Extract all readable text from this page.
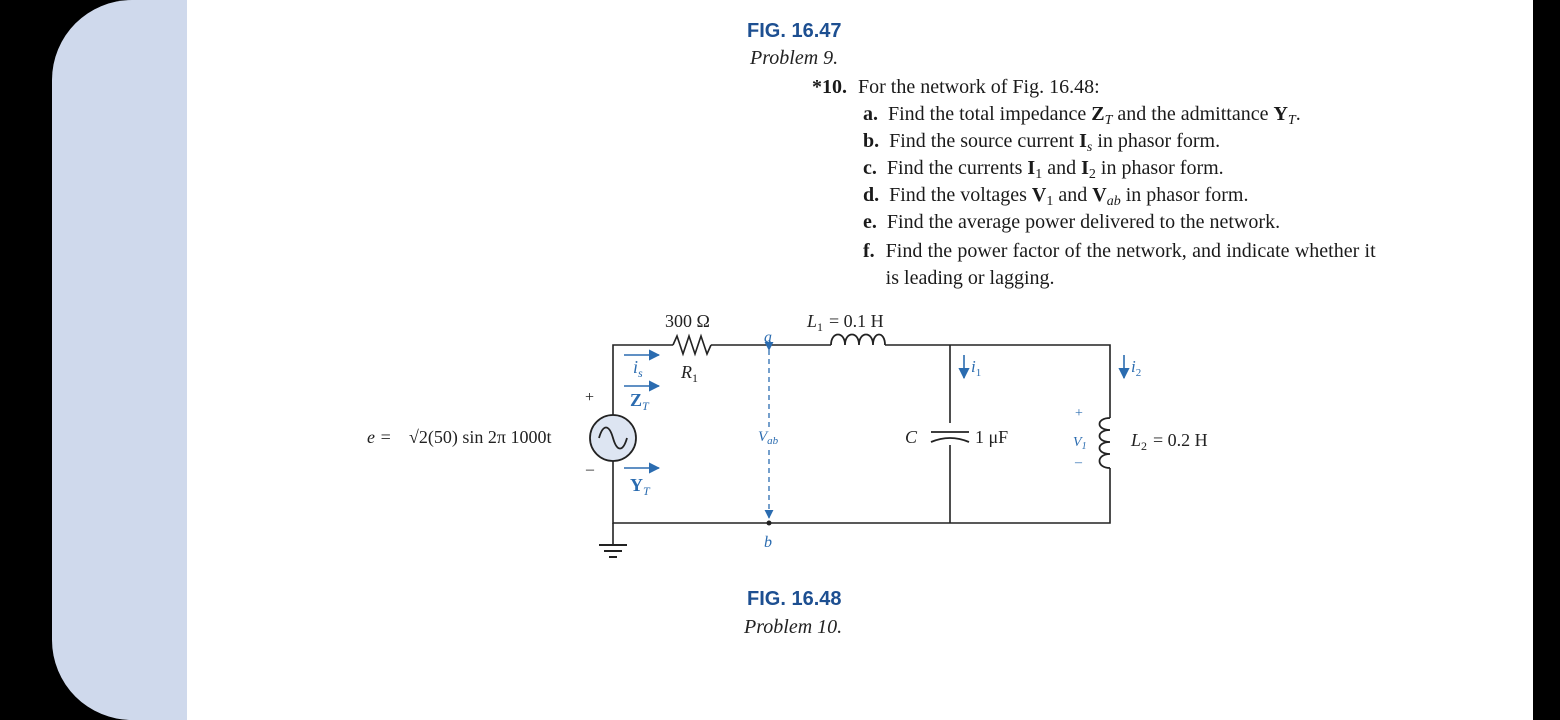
FIG. 16.47
Problem 9.
*10. For the network of Fig. 16.48:
a. Find the total impedance $Z_T$ and the admittance $Y_T$.
b. Find the source current $I_s$ in phasor form.
c. Find the currents $I_1$ and $I_2$ in phasor form.
d. Find the voltages $V_1$ and $V_{ab}$ in phasor form.
e. Find the average power delivered to the network.
f. Find the power factor of the network, and indicate whether it is leading or lagging.
e = √2(50) sin 2π 1000t
+
–
300 Ω
$R_1$
$L_1 = 0.1$ H
C	1 μF	$L_2 = 0.2$ H
a
b
$V_{ab}$
$i_s$
$Z_T$
$Y_T$
$i_1$	$i_2$
+
$V_1$
–
FIG. 16.48
Problem 10.
